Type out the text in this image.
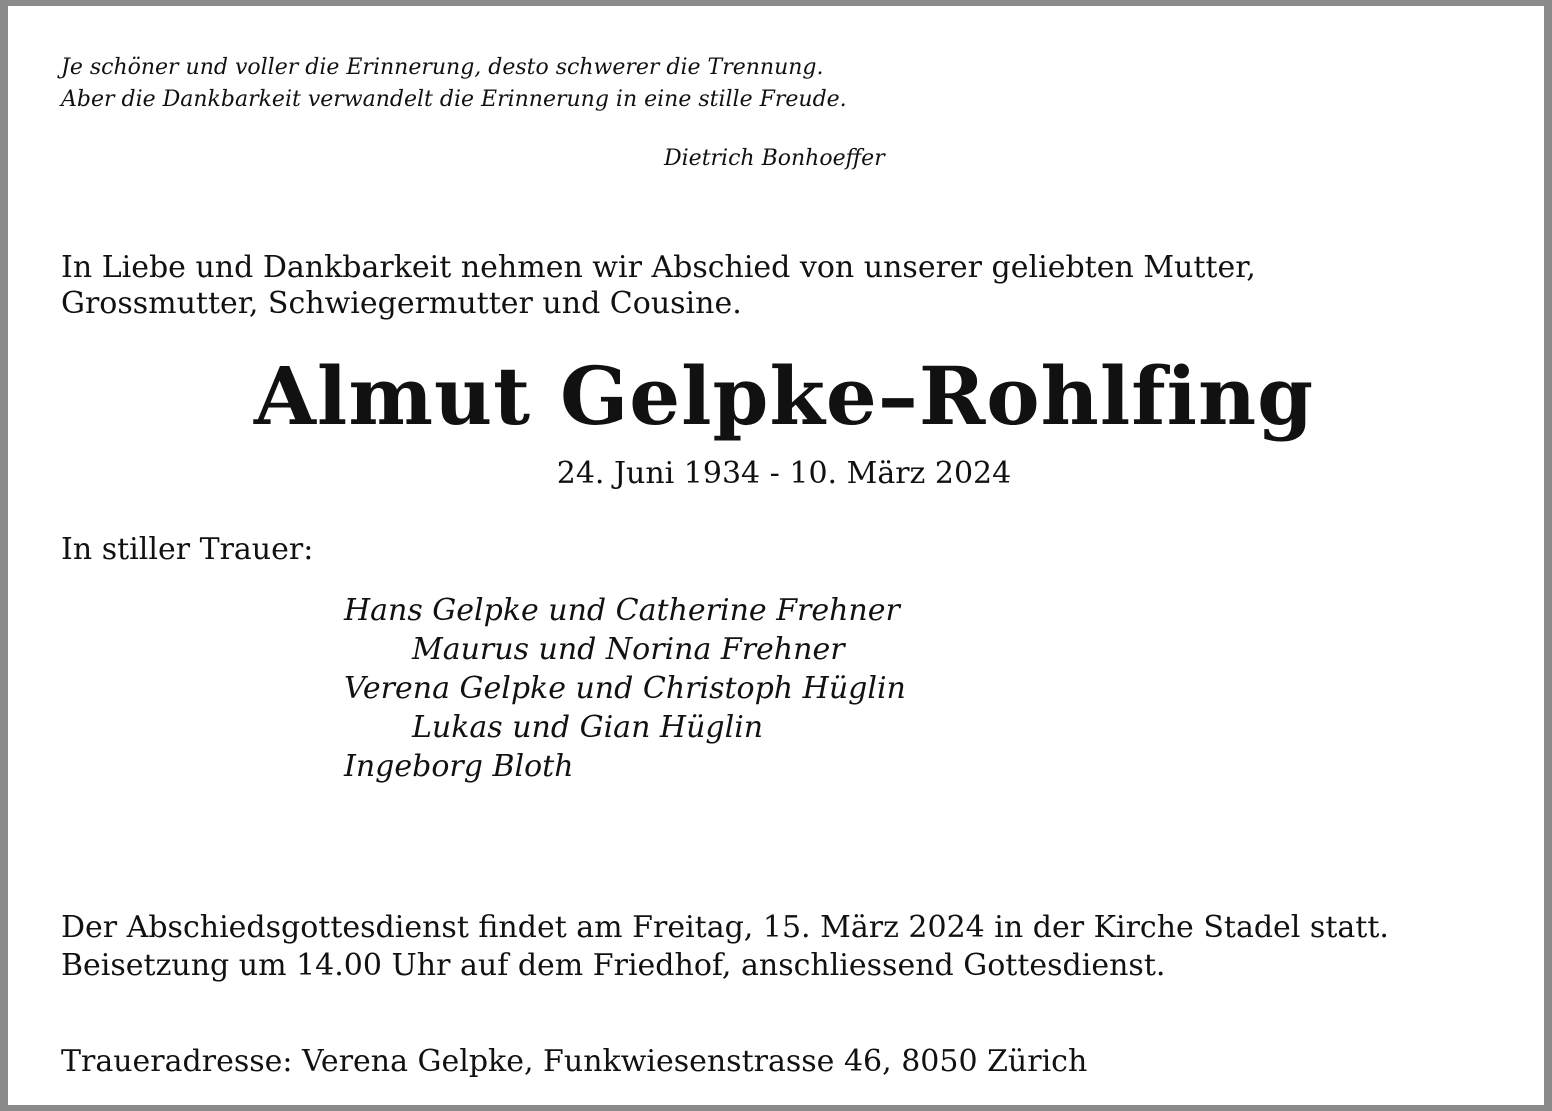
Je schöner und voller die Erinnerung, desto schwerer die Trennung.
Aber die Dankbarkeit verwandelt die Erinnerung in eine stille Freude.
Dietrich Bonhoeffer
In Liebe und Dankbarkeit nehmen wir Abschied von unserer geliebten Mutter,
Grossmutter, Schwiegermutter und Cousine.
Almut Gelpke–Rohlfing
24. Juni 1934 - 10. März 2024
In stiller Trauer:
Hans Gelpke und Catherine Frehner
Maurus und Norina Frehner
Verena Gelpke und Christoph Hüglin
Lukas und Gian Hüglin
Ingeborg Bloth
Der Abschiedsgottesdienst findet am Freitag, 15. März 2024 in der Kirche Stadel statt.
Beisetzung um 14.00 Uhr auf dem Friedhof, anschliessend Gottesdienst.
Traueradresse: Verena Gelpke, Funkwiesenstrasse 46, 8050 Zürich
